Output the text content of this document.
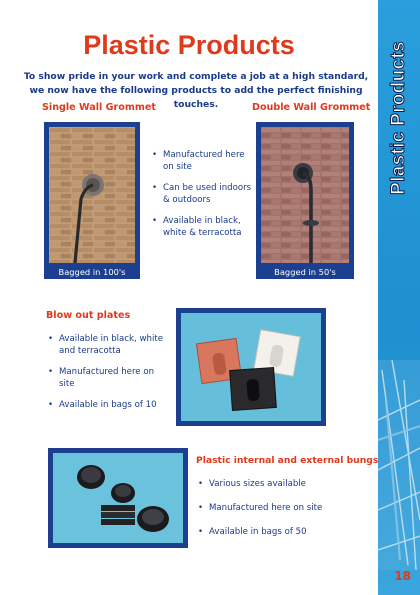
Plastic Products
18
Plastic Products
To show pride in your work and complete a job at a high standard,
we now have the following products to add the perfect finishing touches.
Single Wall Grommet
Bagged in 100's
• Manufactured here on site
• Can be used indoors & outdoors
• Available in black, white & terracotta
Double Wall Grommet
Bagged in 50's
Blow out plates
• Available in black, white and terracotta
• Manufactured here on site
• Available in bags of 10
Plastic internal and external bungs
• Various sizes available
• Manufactured here on site
• Available in bags of 50
